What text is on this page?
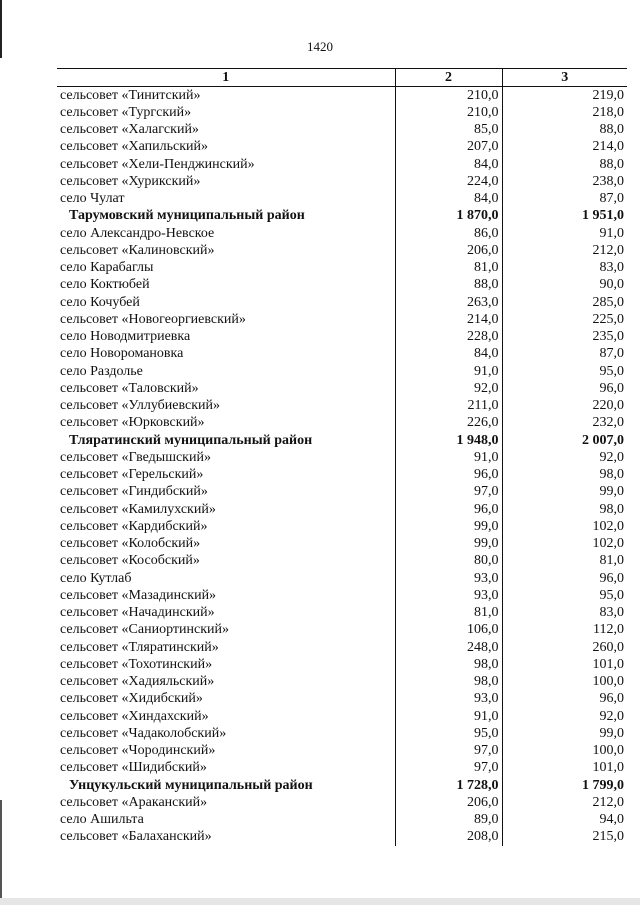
1420
1	2	3
сельсовет «Тинитский»	210,0	219,0
сельсовет «Тургский»	210,0	218,0
сельсовет «Халагский»	85,0	88,0
сельсовет «Хапильский»	207,0	214,0
сельсовет «Хели-Пенджинский»	84,0	88,0
сельсовет «Хурикский»	224,0	238,0
село Чулат	84,0	87,0
Тарумовский муниципальный район	1 870,0	1 951,0
село Александро-Невское	86,0	91,0
сельсовет «Калиновский»	206,0	212,0
село Карабаглы	81,0	83,0
село Коктюбей	88,0	90,0
село Кочубей	263,0	285,0
сельсовет «Новогеоргиевский»	214,0	225,0
село Новодмитриевка	228,0	235,0
село Новоромановка	84,0	87,0
село Раздолье	91,0	95,0
сельсовет «Таловский»	92,0	96,0
сельсовет «Уллубиевский»	211,0	220,0
сельсовет «Юрковский»	226,0	232,0
Тляратинский муниципальный район	1 948,0	2 007,0
сельсовет «Гведышский»	91,0	92,0
сельсовет «Герельский»	96,0	98,0
сельсовет «Гиндибский»	97,0	99,0
сельсовет «Камилухский»	96,0	98,0
сельсовет «Кардибский»	99,0	102,0
сельсовет «Колобский»	99,0	102,0
сельсовет «Кособский»	80,0	81,0
село Кутлаб	93,0	96,0
сельсовет «Мазадинский»	93,0	95,0
сельсовет «Начадинский»	81,0	83,0
сельсовет «Саниортинский»	106,0	112,0
сельсовет «Тляратинский»	248,0	260,0
сельсовет «Тохотинский»	98,0	101,0
сельсовет «Хадияльский»	98,0	100,0
сельсовет «Хидибский»	93,0	96,0
сельсовет «Хиндахский»	91,0	92,0
сельсовет «Чадаколобский»	95,0	99,0
сельсовет «Чородинский»	97,0	100,0
сельсовет «Шидибский»	97,0	101,0
Унцукульский муниципальный район	1 728,0	1 799,0
сельсовет «Араканский»	206,0	212,0
село Ашильта	89,0	94,0
сельсовет «Балаханский»	208,0	215,0
